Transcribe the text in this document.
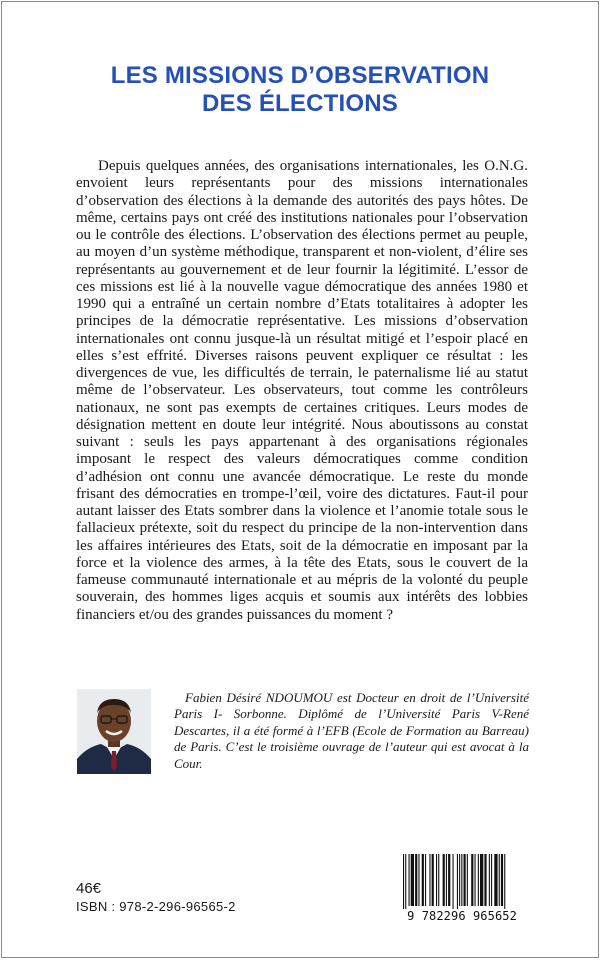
LES MISSIONS D’OBSERVATION
DES ÉLECTIONS

Depuis quelques années, des organisations internationales, les O.N.G. envoient leurs représentants pour des missions internationales d’observation des élections à la demande des autorités des pays hôtes. De même, certains pays ont créé des institutions nationales pour l’observation ou le contrôle des élections. L’observation des élections permet au peuple, au moyen d’un système méthodique, transparent et non-violent, d’élire ses représentants au gouvernement et de leur fournir la légitimité. L’essor de ces missions est lié à la nouvelle vague démocratique des années 1980 et 1990 qui a entraîné un certain nombre d’Etats totalitaires à adopter les principes de la démocratie représentative. Les missions d’observation internationales ont connu jusque-là un résultat mitigé et l’espoir placé en elles s’est effrité. Diverses raisons peuvent expliquer ce résultat : les divergences de vue, les difficultés de terrain, le paternalisme lié au statut même de l’observateur. Les observateurs, tout comme les contrôleurs nationaux, ne sont pas exempts de certaines critiques. Leurs modes de désignation mettent en doute leur intégrité. Nous aboutissons au constat suivant : seuls les pays appartenant à des organisations régionales imposant le respect des valeurs démocratiques comme condition d’adhésion ont connu une avancée démocratique. Le reste du monde frisant des démocraties en trompe-l’œil, voire des dictatures. Faut-il pour autant laisser des Etats sombrer dans la violence et l’anomie totale sous le fallacieux prétexte, soit du respect du principe de la non-intervention dans les affaires intérieures des Etats, soit de la démocratie en imposant par la force et la violence des armes, à la tête des Etats, sous le couvert de la fameuse communauté internationale et au mépris de la volonté du peuple souverain, des hommes liges acquis et soumis aux intérêts des lobbies financiers et/ou des grandes puissances du moment ?

Fabien Désiré NDOUMOU est Docteur en droit de l’Université Paris I- Sorbonne. Diplômé de l’Université Paris V-René Descartes, il a été formé à l’EFB (Ecole de Formation au Barreau) de Paris. C’est le troisième ouvrage de l’auteur qui est avocat à la Cour.

46€
ISBN : 978-2-296-96565-2
9 782296 965652
